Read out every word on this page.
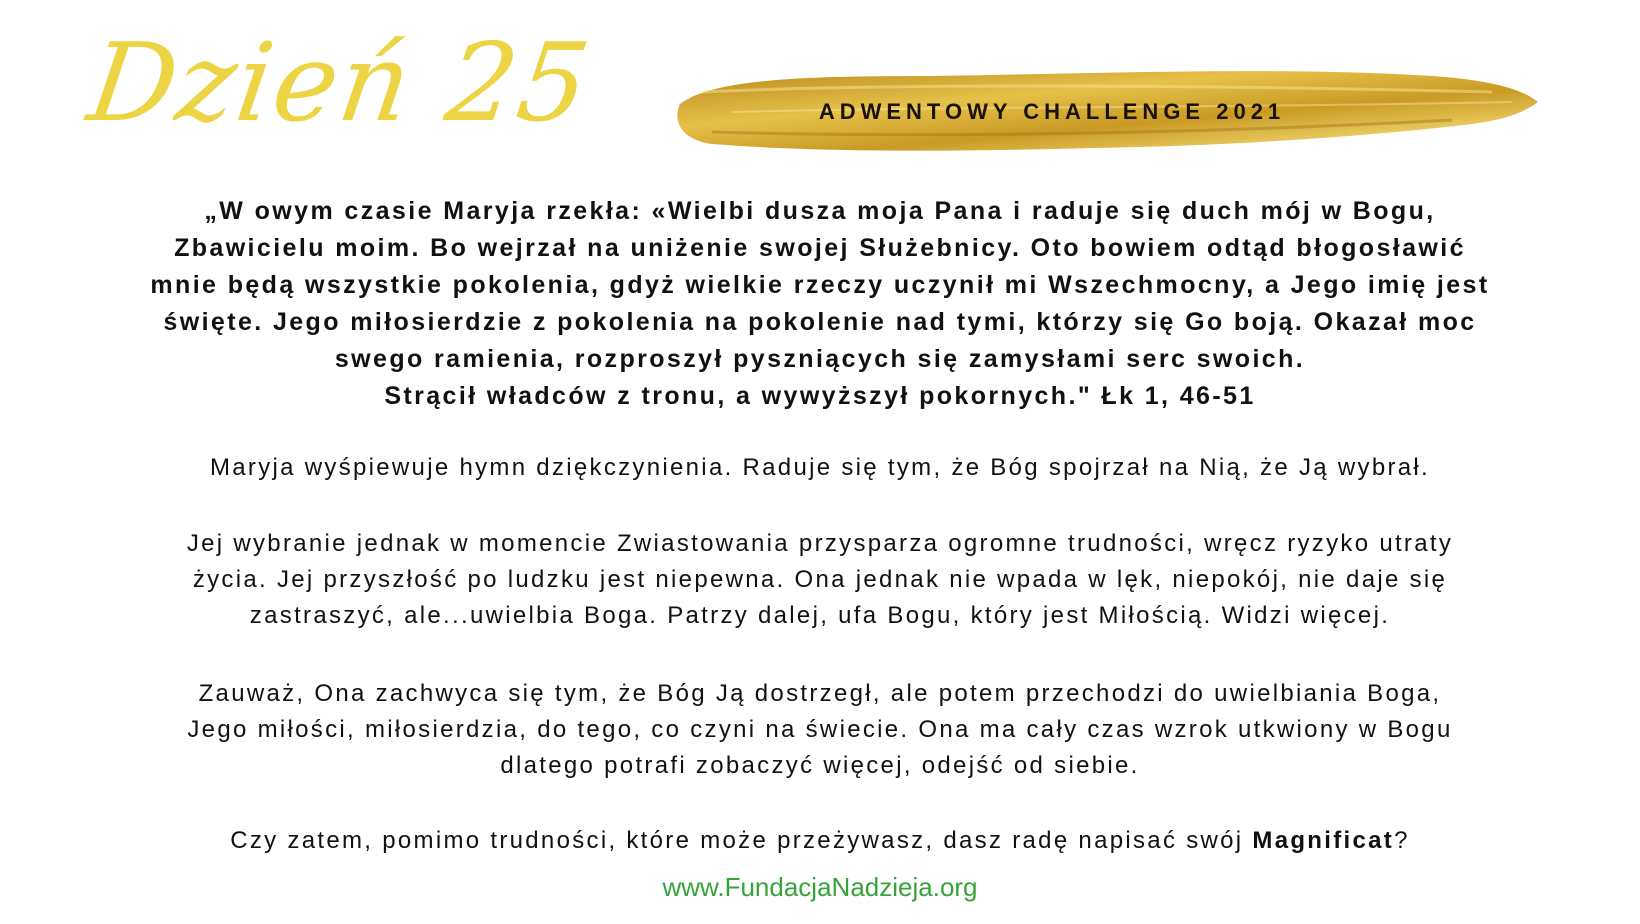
Dzień 25	ADWENTOWY CHALLENGE 2021
„W owym czasie Maryja rzekła: «Wielbi dusza moja Pana i raduje się duch mój w Bogu,
Zbawicielu moim. Bo wejrzał na uniżenie swojej Służebnicy. Oto bowiem odtąd błogosławić
mnie będą wszystkie pokolenia, gdyż wielkie rzeczy uczynił mi Wszechmocny, a Jego imię jest
święte. Jego miłosierdzie z pokolenia na pokolenie nad tymi, którzy się Go boją. Okazał moc
swego ramienia, rozproszył pyszniących się zamysłami serc swoich.
Strącił władców z tronu, a wywyższył pokornych." Łk 1, 46-51
Maryja wyśpiewuje hymn dziękczynienia. Raduje się tym, że Bóg spojrzał na Nią, że Ją wybrał.
Jej wybranie jednak w momencie Zwiastowania przysparza ogromne trudności, wręcz ryzyko utraty
życia. Jej przyszłość po ludzku jest niepewna. Ona jednak nie wpada w lęk, niepokój, nie daje się
zastraszyć, ale...uwielbia Boga. Patrzy dalej, ufa Bogu, który jest Miłością. Widzi więcej.
Zauważ, Ona zachwyca się tym, że Bóg Ją dostrzegł, ale potem przechodzi do uwielbiania Boga,
Jego miłości, miłosierdzia, do tego, co czyni na świecie. Ona ma cały czas wzrok utkwiony w Bogu
dlatego potrafi zobaczyć więcej, odejść od siebie.
Czy zatem, pomimo trudności, które może przeżywasz, dasz radę napisać swój Magnificat?
www.FundacjaNadzieja.org
